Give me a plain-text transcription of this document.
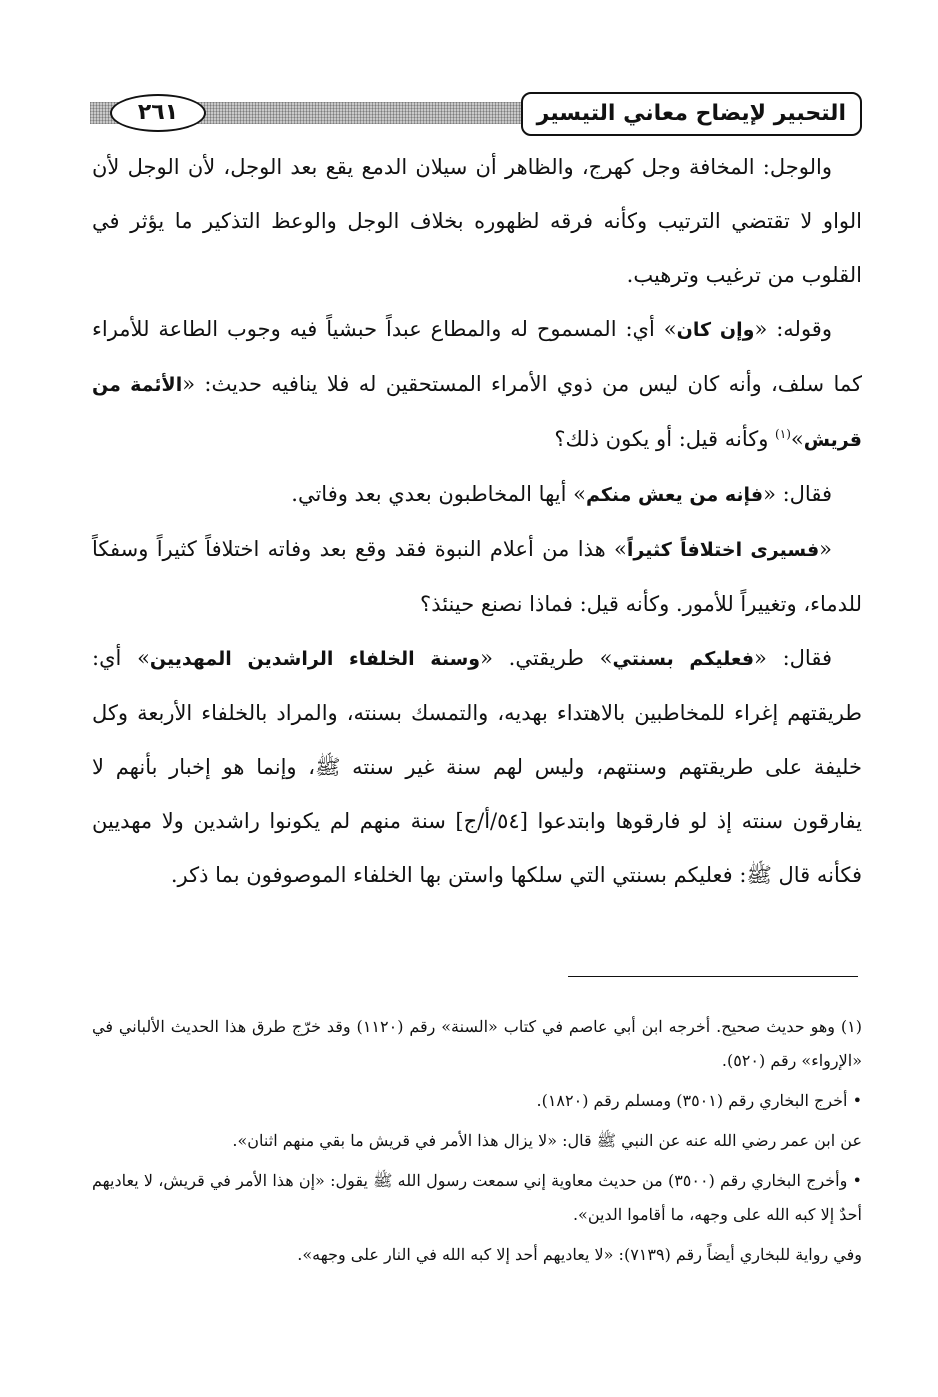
التحبير لإيضاح معاني التيسير
٢٦١

والوجل: المخافة وجل كهرج، والظاهر أن سيلان الدمع يقع بعد الوجل، لأن الوجل لأن الواو لا تقتضي الترتيب وكأنه فرقه لظهوره بخلاف الوجل والوعظ التذكير ما يؤثر في القلوب من ترغيب وترهيب.

وقوله: «وإن كان» أي: المسموح له والمطاع عبداً حبشياً فيه وجوب الطاعة للأمراء كما سلف، وأنه كان ليس من ذوي الأمراء المستحقين له فلا ينافيه حديث: «الأئمة من قريش»$^{(١)}$ وكأنه قيل: أو يكون ذلك؟

فقال: «فإنه من يعش منكم» أيها المخاطبون بعدي بعد وفاتي.

«فسيرى اختلافاً كثيراً» هذا من أعلام النبوة فقد وقع بعد وفاته اختلافاً كثيراً وسفكاً للدماء، وتغييراً للأمور. وكأنه قيل: فماذا نصنع حينئذ؟

فقال: «فعليكم بسنتي» طريقتي. «وسنة الخلفاء الراشدين المهديين» أي: طريقتهم إغراء للمخاطبين بالاهتداء بهديه، والتمسك بسنته، والمراد بالخلفاء الأربعة وكل خليفة على طريقتهم وسنتهم، وليس لهم سنة غير سنته ﷺ، وإنما هو إخبار بأنهم لا يفارقون سنته إذ لو فارقوها وابتدعوا [٥٤/أ/ج] سنة منهم لم يكونوا راشدين ولا مهديين فكأنه قال ﷺ: فعليكم بسنتي التي سلكها واستن بها الخلفاء الموصوفون بما ذكر.

(١) وهو حديث صحيح. أخرجه ابن أبي عاصم في كتاب «السنة» رقم (١١٢٠) وقد خرّج طرق هذا الحديث الألباني في «الإرواء» رقم (٥٢٠).

• أخرج البخاري رقم (٣٥٠١) ومسلم رقم (١٨٢٠).

عن ابن عمر رضي الله عنه عن النبي ﷺ قال: «لا يزال هذا الأمر في قريش ما بقي منهم اثنان».

• وأخرج البخاري رقم (٣٥٠٠) من حديث معاوية إني سمعت رسول الله ﷺ يقول: «إن هذا الأمر في قريش، لا يعاديهم أحدٌ إلا كبه الله على وجهه، ما أقاموا الدين».

وفي رواية للبخاري أيضاً رقم (٧١٣٩): «لا يعاديهم أحد إلا كبه الله في النار على وجهه».
